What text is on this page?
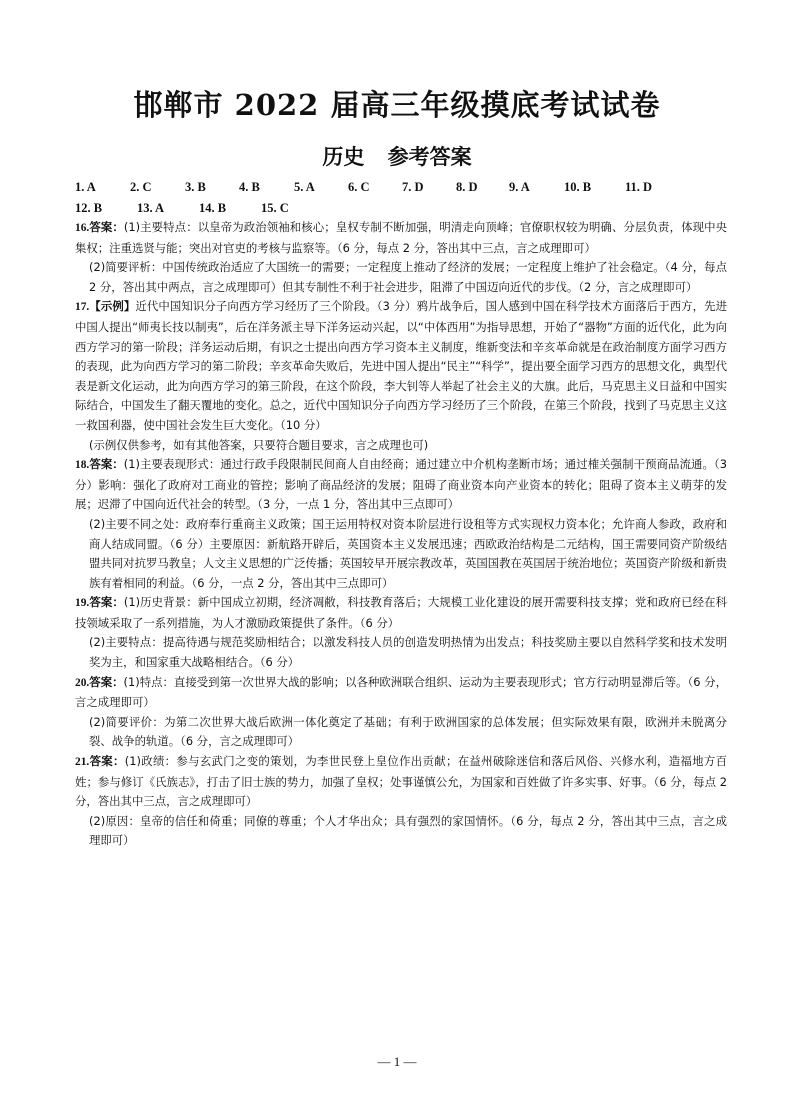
邯郸市 2022 届高三年级摸底考试试卷
历史 参考答案
1. A	2. C	3. B	4. B	5. A	6. C	7. D	8. D	9. A	10. B	11. D
12. B	13. A	14. B	15. C

16.答案：(1)主要特点：以皇帝为政治领袖和核心；皇权专制不断加强，明清走向顶峰；官僚职权较为明确、分层负责，体现中央集权；注重选贤与能；突出对官吏的考核与监察等。（6 分，每点 2 分，答出其中三点，言之成理即可）

(2)简要评析：中国传统政治适应了大国统一的需要；一定程度上推动了经济的发展；一定程度上维护了社会稳定。（4 分，每点 2 分，答出其中两点，言之成理即可）但其专制性不利于社会进步，阻滞了中国迈向近代的步伐。（2 分，言之成理即可）

17.【示例】近代中国知识分子向西方学习经历了三个阶段。（3 分）鸦片战争后，国人感到中国在科学技术方面落后于西方，先进中国人提出“师夷长技以制夷”，后在洋务派主导下洋务运动兴起，以“中体西用”为指导思想，开始了“器物”方面的近代化，此为向西方学习的第一阶段；洋务运动后期，有识之士提出向西方学习资本主义制度，维新变法和辛亥革命就是在政治制度方面学习西方的表现，此为向西方学习的第二阶段；辛亥革命失败后，先进中国人提出“民主”“科学”，提出要全面学习西方的思想文化，典型代表是新文化运动，此为向西方学习的第三阶段，在这个阶段，李大钊等人举起了社会主义的大旗。此后，马克思主义日益和中国实际结合，中国发生了翻天覆地的变化。总之，近代中国知识分子向西方学习经历了三个阶段，在第三个阶段，找到了马克思主义这一救国利器，使中国社会发生巨大变化。（10 分）

(示例仅供参考，如有其他答案，只要符合题目要求，言之成理也可)

18.答案：(1)主要表现形式：通过行政手段限制民间商人自由经商；通过建立中介机构垄断市场；通过榷关强制干预商品流通。（3 分）影响：强化了政府对工商业的管控；影响了商品经济的发展；阻碍了商业资本向产业资本的转化；阻碍了资本主义萌芽的发展；迟滞了中国向近代社会的转型。（3 分，一点 1 分，答出其中三点即可）

(2)主要不同之处：政府奉行重商主义政策；国王运用特权对资本阶层进行设租等方式实现权力资本化；允许商人参政，政府和商人结成同盟。（6 分）主要原因：新航路开辟后，英国资本主义发展迅速；西欧政治结构是二元结构，国王需要同资产阶级结盟共同对抗罗马教皇；人文主义思想的广泛传播；英国较早开展宗教改革，英国国教在英国居于统治地位；英国资产阶级和新贵族有着相同的利益。（6 分，一点 2 分，答出其中三点即可）

19.答案：(1)历史背景：新中国成立初期，经济凋敝，科技教育落后；大规模工业化建设的展开需要科技支撑；党和政府已经在科技领域采取了一系列措施，为人才激励政策提供了条件。（6 分）

(2)主要特点：提高待遇与规范奖励相结合；以激发科技人员的创造发明热情为出发点；科技奖励主要以自然科学奖和技术发明奖为主，和国家重大战略相结合。（6 分）

20.答案：(1)特点：直接受到第一次世界大战的影响；以各种欧洲联合组织、运动为主要表现形式；官方行动明显滞后等。（6 分，言之成理即可）

(2)简要评价：为第二次世界大战后欧洲一体化奠定了基础；有利于欧洲国家的总体发展；但实际效果有限，欧洲并未脱离分裂、战争的轨道。（6 分，言之成理即可）

21.答案：(1)政绩：参与玄武门之变的策划，为李世民登上皇位作出贡献；在益州破除迷信和落后风俗、兴修水利，造福地方百姓；参与修订《氏族志》，打击了旧士族的势力，加强了皇权；处事谨慎公允，为国家和百姓做了许多实事、好事。（6 分，每点 2 分，答出其中三点，言之成理即可）

(2)原因：皇帝的信任和倚重；同僚的尊重；个人才华出众；具有强烈的家国情怀。（6 分，每点 2 分，答出其中三点，言之成理即可）

— 1 —
